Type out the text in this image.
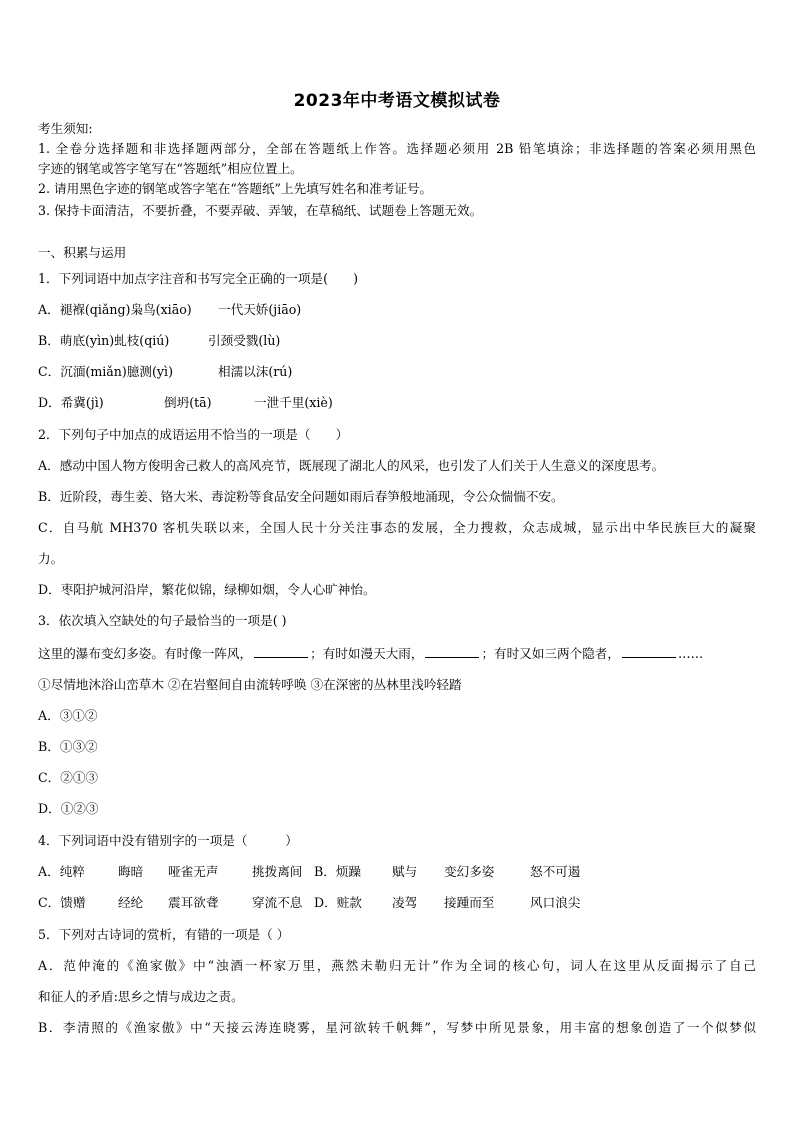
2023年中考语文模拟试卷
考生须知:
1. 全卷分选择题和非选择题两部分，全部在答题纸上作答。选择题必须用 2B 铅笔填涂；非选择题的答案必须用黑色
字迹的钢笔或答字笔写在“答题纸”相应位置上。
2. 请用黑色字迹的钢笔或答字笔在“答题纸”上先填写姓名和准考证号。
3. 保持卡面清洁，不要折叠，不要弄破、弄皱，在草稿纸、试题卷上答题无效。
一、积累与运用
1．下列词语中加点字注音和书写完全正确的一项是(　　)
A．褪褓(qiǎng)枭鸟(xiāo) 一代天娇(jiāo)
B．萌底(yìn)虬枝(qiú)	引颈受戮(lù)
C．沉湎(miǎn)臆测(yì)	相濡以沫(rú)
D．希冀(jì)	倒坍(tā)	一泄千里(xiè)
2．下列句子中加点的成语运用不恰当的一项是（　　）
A．感动中国人物方俊明舍己救人的高风亮节，既展现了湖北人的风采，也引发了人们关于人生意义的深度思考。
B．近阶段，毒生姜、铬大米、毒淀粉等食品安全问题如雨后春笋般地涌现，令公众惴惴不安。
C．自马航 MH370 客机失联以来，全国人民十分关注事态的发展，全力搜救，众志成城，显示出中华民族巨大的凝聚
力。
D．枣阳护城河沿岸，繁花似锦，绿柳如烟，令人心旷神怡。
3．依次填入空缺处的句子最恰当的一项是( )
这里的瀑布变幻多姿。有时像一阵风，	；有时如漫天大雨，	；有时又如三两个隐者，	……
①尽情地沐浴山峦草木 ②在岩壑间自由流转呼唤 ③在深密的丛林里浅吟轻踏
A．③①②
B．①③②
C．②①③
D．①②③
4．下列词语中没有错别字的一项是（　　　）
A．纯粹	晦暗 哑雀无声	挑拨离间 B．烦躁 赋与 变幻多姿	怒不可遏
C．馈赠	经纶 震耳欲聋	穿流不息 D．赃款 凌驾 接踵而至	风口浪尖
5．下列对古诗词的赏析，有错的一项是（ ）
A．范仲淹的《渔家傲》中“浊酒一杯家万里，燕然未勒归无计”作为全词的核心句，词人在这里从反面揭示了自己
和征人的矛盾:思乡之情与成边之责。
B．李清照的《渔家傲》中“天接云涛连晓雾，星河欲转千帆舞”，写梦中所见景象，用丰富的想象创造了一个似梦似
